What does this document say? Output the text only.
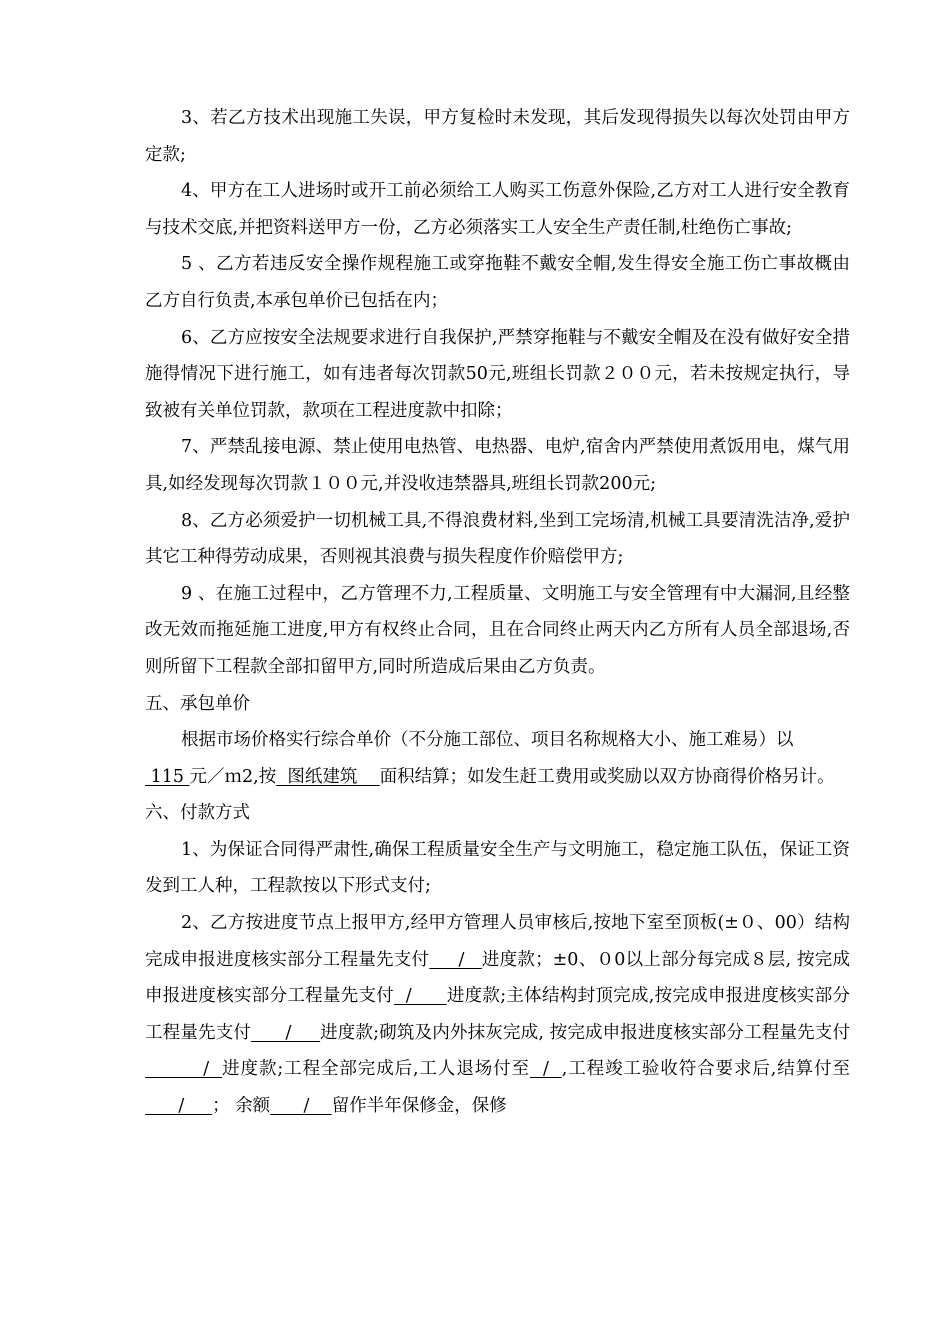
3、若乙方技术出现施工失误，甲方复检时未发现，其后发现得损失以每次处罚由甲方定款;

4、甲方在工人进场时或开工前必须给工人购买工伤意外保险,乙方对工人进行安全教育与技术交底,并把资料送甲方一份，乙方必须落实工人安全生产责任制,杜绝伤亡事故;

5 、乙方若违反安全操作规程施工或穿拖鞋不戴安全帽,发生得安全施工伤亡事故概由乙方自行负责,本承包单价已包括在内；

6、乙方应按安全法规要求进行自我保护,严禁穿拖鞋与不戴安全帽及在没有做好安全措施得情况下进行施工，如有违者每次罚款50元,班组长罚款２００元，若未按规定执行，导致被有关单位罚款，款项在工程进度款中扣除；

7、严禁乱接电源、禁止使用电热管、电热器、电炉,宿舍内严禁使用煮饭用电，煤气用具,如经发现每次罚款１００元,并没收违禁器具,班组长罚款200元;

8、乙方必须爱护一切机械工具,不得浪费材料,坐到工完场清,机械工具要清洗洁净,爱护其它工种得劳动成果，否则视其浪费与损失程度作价赔偿甲方;

9 、在施工过程中，乙方管理不力,工程质量、文明施工与安全管理有中大漏洞,且经整改无效而拖延施工进度,甲方有权终止合同，且在合同终止两天内乙方所有人员全部退场,否则所留下工程款全部扣留甲方,同时所造成后果由乙方负责。

五、承包单价

根据市场价格实行综合单价（不分施工部位、项目名称规格大小、施工难易）以

115 元／ｍ2,按  图纸建筑    面积结算；如发生赶工费用或奖励以双方协商得价格另计。

六、付款方式

1、为保证合同得严肃性,确保工程质量安全生产与文明施工，稳定施工队伍，保证工资发到工人种，工程款按以下形式支付;

2、乙方按进度节点上报甲方,经甲方管理人员审核后,按地下室至顶板(±０、00）结构完成申报进度核实部分工程量先支付     /   进度款；±0、０0以上部分每完成８层, 按完成申报进度核实部分工程量先支付  /      进度款;主体结构封顶完成,按完成申报进度核实部分工程量先支付      /     进度款;砌筑及内外抹灰完成, 按完成申报进度核实部分工程量先支付         /  进度款;工程全部完成后,工人退场付至  /  ,工程竣工验收符合要求后,结算付至      /     ； 余额      /    留作半年保修金，保修
